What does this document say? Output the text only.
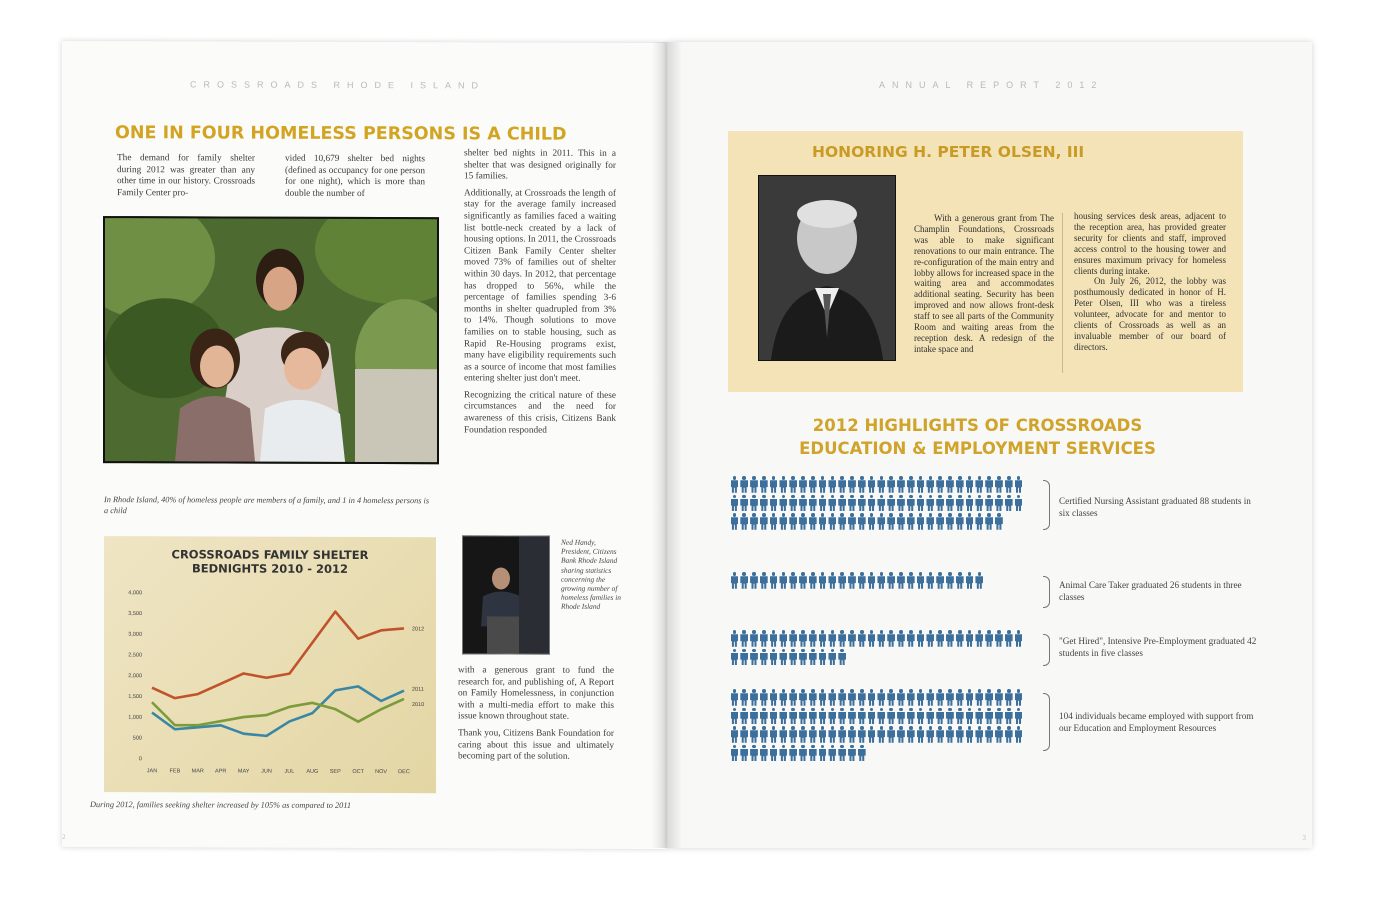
CROSSROADS RHODE ISLAND
ONE IN FOUR HOMELESS PERSONS IS A CHILD

The demand for family shelter during 2012 was greater than any other time in our history. Crossroads Family Center pro-

vided 10,679 shelter bed nights (defined as occupancy for one person for one night), which is more than double the number of

shelter bed nights in 2011. This in a shelter that was designed originally for 15 families.

Additionally, at Crossroads the length of stay for the average family increased significantly as families faced a waiting list bottle-neck created by a lack of housing options. In 2011, the Crossroads Citizen Bank Family Center shelter moved 73% of families out of shelter within 30 days. In 2012, that percentage has dropped to 56%, while the percentage of families spending 3-6 months in shelter quadrupled from 3% to 14%. Though solutions to move families on to stable housing, such as Rapid Re-Housing programs exist, many have eligibility requirements such as a source of income that most families entering shelter just don't meet.

Recognizing the critical nature of these circumstances and the need for awareness of this crisis, Citizens Bank Foundation responded

In Rhode Island, 40% of homeless people are members of a family, and 1 in 4 homeless persons is a child

CROSSROADS FAMILY SHELTER
BEDNIGHTS 2010 - 2012
0
500
1,000
1,500
2,000
2,500
3,000
3,500
4,000
JAN FEB MAR APR MAY JUN JUL AUG SEP OCT NOV DEC
2012
2011
2010

During 2012, families seeking shelter increased by 105% as compared to 2011

Ned Handy, President, Citizens Bank Rhode Island sharing statistics concerning the growing number of homeless families in Rhode Island

with a generous grant to fund the research for, and publishing of, A Report on Family Homelessness, in conjunction with a multi-media effort to make this issue known throughout state.

Thank you, Citizens Bank Foundation for caring about this issue and ultimately becoming part of the solution.

2
ANNUAL REPORT 2012
HONORING H. PETER OLSEN, III

With a generous grant from The Champlin Foundations, Crossroads was able to make significant renovations to our main entrance. The re-configuration of the main entry and lobby allows for increased space in the waiting area and accommodates additional seating. Security has been improved and now allows front-desk staff to see all parts of the Community Room and waiting areas from the reception desk. A redesign of the intake space and

housing services desk areas, adjacent to the reception area, has provided greater security for clients and staff, improved access control to the housing tower and ensures maximum privacy for homeless clients during intake.

On July 26, 2012, the lobby was posthumously dedicated in honor of H. Peter Olsen, III who was a tireless volunteer, advocate for and mentor to clients of Crossroads as well as an invaluable member of our board of directors.

2012 HIGHLIGHTS OF CROSSROADS
EDUCATION & EMPLOYMENT SERVICES

Certified Nursing Assistant graduated 88 students in six classes

Animal Care Taker graduated 26 students in three classes

"Get Hired", Intensive Pre-Employment graduated 42 students in five classes

104 individuals became employed with support from our Education and Employment Resources

3
